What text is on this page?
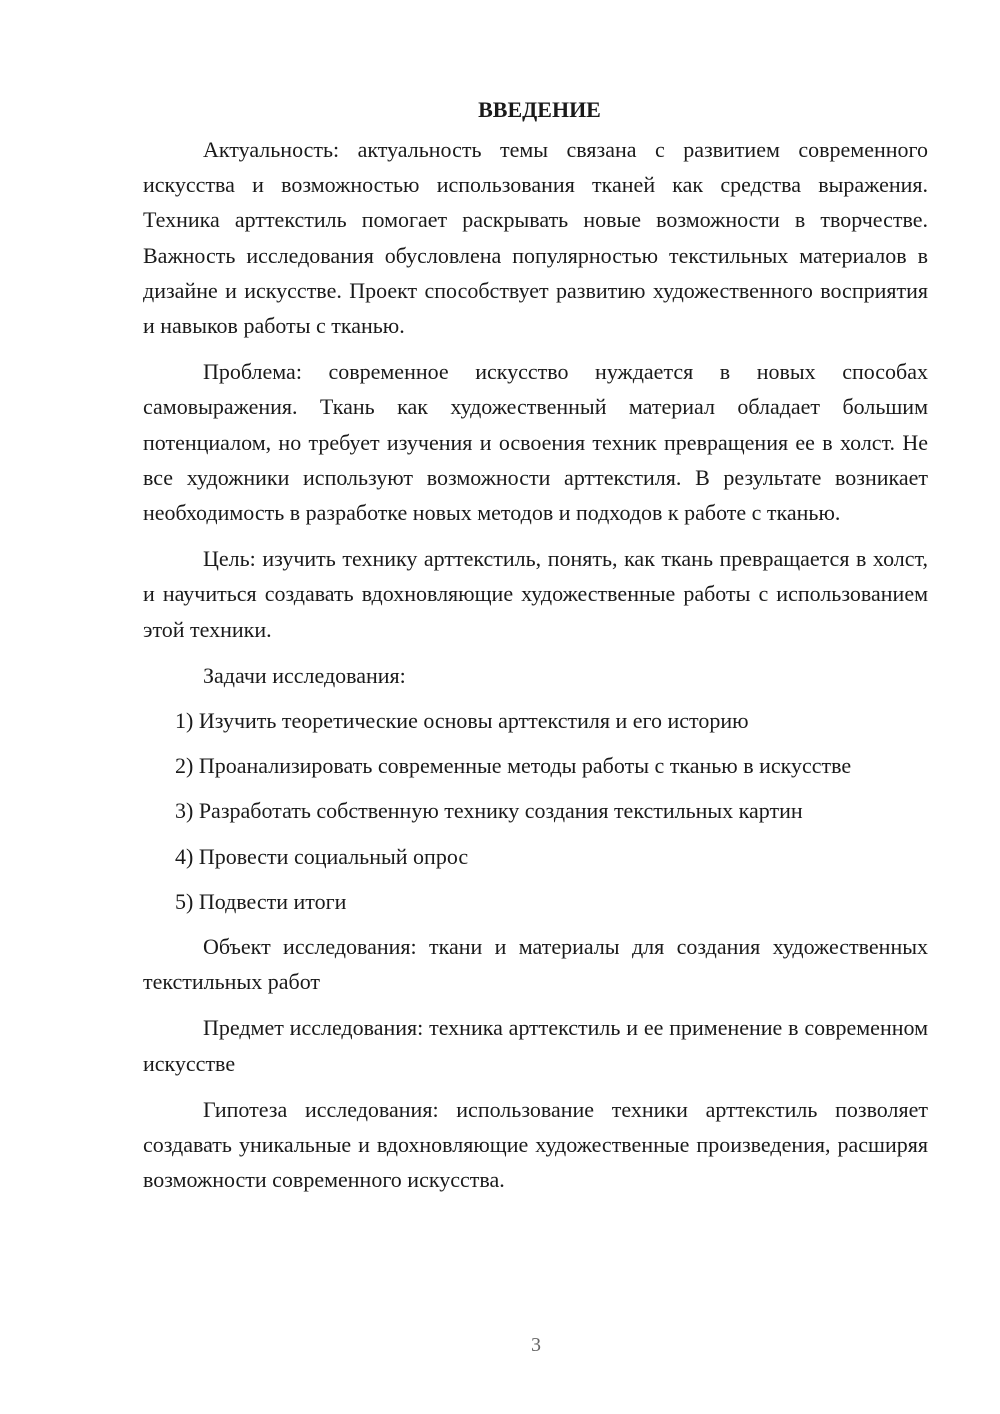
ВВЕДЕНИЕ

Актуальность: актуальность темы связана с развитием современного искусства и возможностью использования тканей как средства выражения. Техника арттекстиль помогает раскрывать новые возможности в творчестве. Важность исследования обусловлена популярностью текстильных материалов в дизайне и искусстве. Проект способствует развитию художественного восприятия и навыков работы с тканью.

Проблема: современное искусство нуждается в новых способах самовыражения. Ткань как художественный материал обладает большим потенциалом, но требует изучения и освоения техник превращения ее в холст. Не все художники используют возможности арттекстиля. В результате возникает необходимость в разработке новых методов и подходов к работе с тканью.

Цель: изучить технику арттекстиль, понять, как ткань превращается в холст, и научиться создавать вдохновляющие художественные работы с использованием этой техники.

Задачи исследования:

1) Изучить теоретические основы арттекстиля и его историю

2) Проанализировать современные методы работы с тканью в искусстве

3) Разработать собственную технику создания текстильных картин

4) Провести социальный опрос

5) Подвести итоги

Объект исследования: ткани и материалы для создания художественных текстильных работ

Предмет исследования: техника арттекстиль и ее применение в современном искусстве

Гипотеза исследования: использование техники арттекстиль позволяет создавать уникальные и вдохновляющие художественные произведения, расширяя возможности современного искусства.

3
